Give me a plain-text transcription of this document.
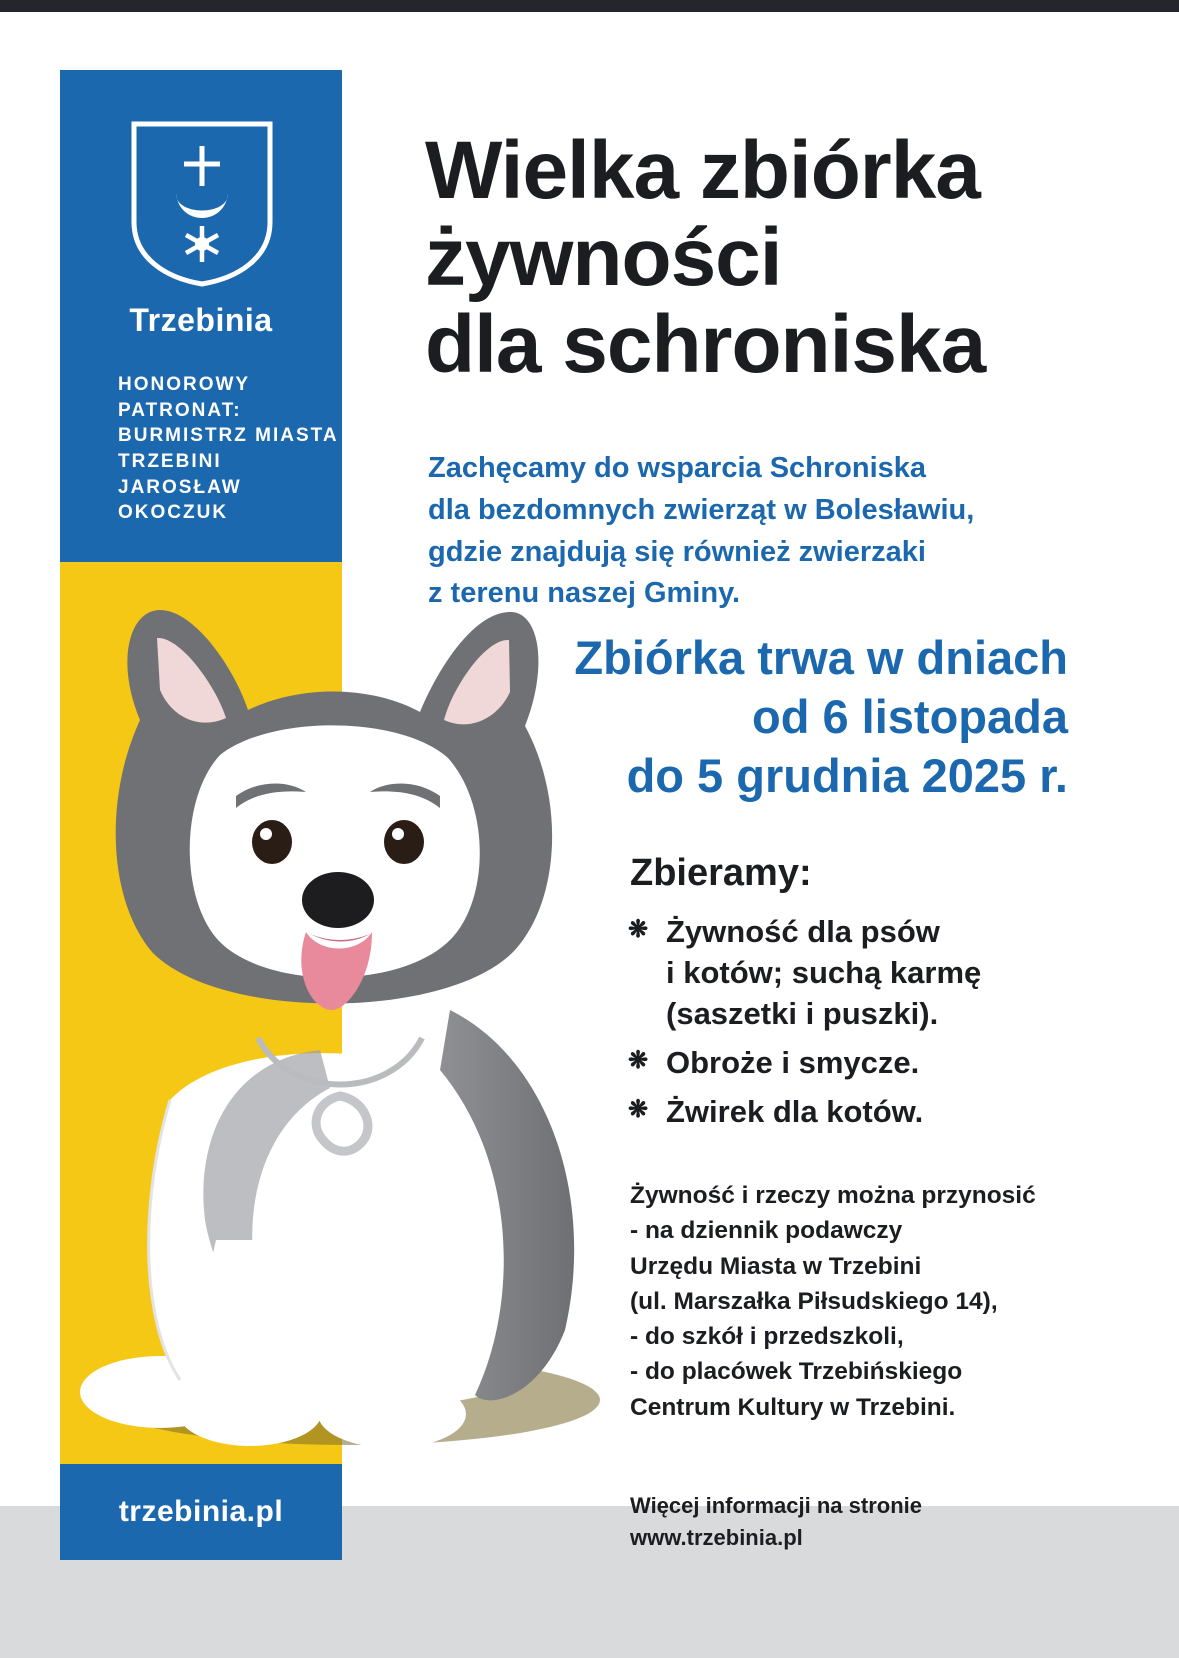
Trzebinia
HONOROWY PATRONAT: BURMISTRZ MIASTA TRZEBINI JAROSŁAW OKOCZUK
trzebinia.pl
Wielka zbiórka
żywności
dla schroniska
Zachęcamy do wsparcia Schroniska
dla bezdomnych zwierząt w Bolesławiu,
gdzie znajdują się również zwierzaki
z terenu naszej Gminy.
Zbiórka trwa w dniach
od 6 listopada
do 5 grudnia 2025 r.
Zbieramy:
❋ Żywność dla psów
i kotów; suchą karmę
(saszetki i puszki).
❋ Obroże i smycze.
❋ Żwirek dla kotów.
Żywność i rzeczy można przynosić
- na dziennik podawczy
Urzędu Miasta w Trzebini
(ul. Marszałka Piłsudskiego 14),
- do szkół i przedszkoli,
- do placówek Trzebińskiego
Centrum Kultury w Trzebini.
Więcej informacji na stronie
www.trzebinia.pl
